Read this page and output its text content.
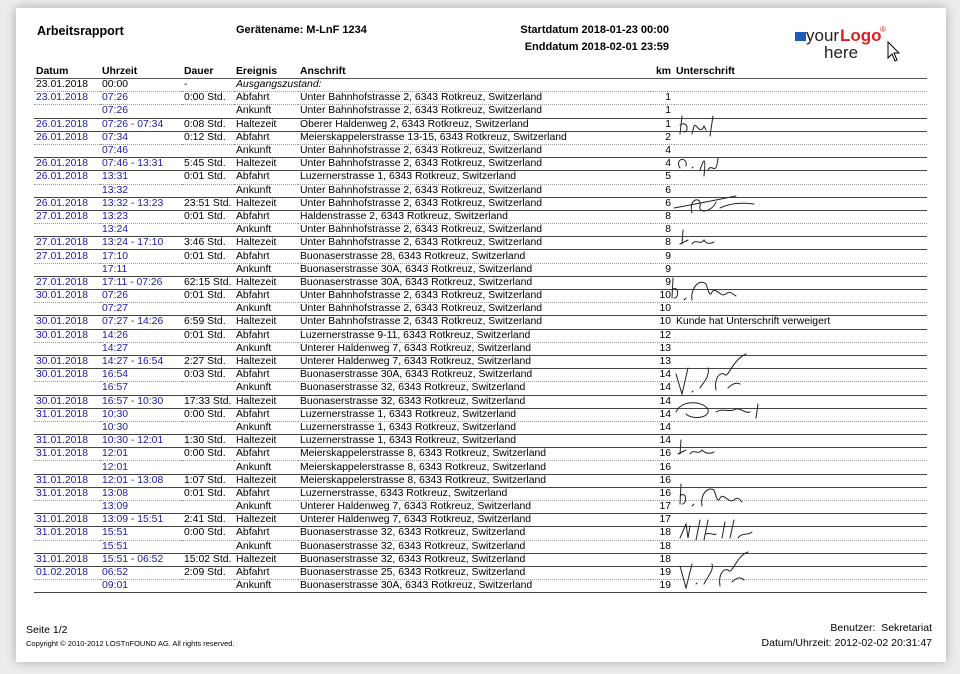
Arbeitsrapport	Gerätename: M-LnF 1234	Startdatum 2018-01-23 00:00
Enddatum 2018-02-01 23:59
your Logo
®
here
Datum	Uhrzeit	Dauer	Ereignis	Anschrift	km	Unterschrift
23.01.2018	00:00	-	Ausgangszustand:			
23.01.2018	07:26	0:00 Std.	Abfahrt	Unter Bahnhofstrasse 2, 6343 Rotkreuz, Switzerland	1	
	07:26		Ankunft	Unter Bahnhofstrasse 2, 6343 Rotkreuz, Switzerland	1	
26.01.2018	07:26 - 07:34	0:08 Std.	Haltezeit	Oberer Haldenweg 2, 6343 Rotkreuz, Switzerland	1	
26.01.2018	07:34	0:12 Std.	Abfahrt	Meierskappelerstrasse 13-15, 6343 Rotkreuz, Switzerland	2	
	07:46		Ankunft	Unter Bahnhofstrasse 2, 6343 Rotkreuz, Switzerland	4	
26.01.2018	07:46 - 13:31	5:45 Std.	Haltezeit	Unter Bahnhofstrasse 2, 6343 Rotkreuz, Switzerland	4	
26.01.2018	13:31	0:01 Std.	Abfahrt	Luzernerstrasse 1, 6343 Rotkreuz, Switzerland	5	
	13:32		Ankunft	Unter Bahnhofstrasse 2, 6343 Rotkreuz, Switzerland	6	
26.01.2018	13:32 - 13:23	23:51 Std.	Haltezeit	Unter Bahnhofstrasse 2, 6343 Rotkreuz, Switzerland	6	
27.01.2018	13:23	0:01 Std.	Abfahrt	Haldenstrasse 2, 6343 Rotkreuz, Switzerland	8	
	13:24		Ankunft	Unter Bahnhofstrasse 2, 6343 Rotkreuz, Switzerland	8	
27.01.2018	13:24 - 17:10	3:46 Std.	Haltezeit	Unter Bahnhofstrasse 2, 6343 Rotkreuz, Switzerland	8	
27.01.2018	17:10	0:01 Std.	Abfahrt	Buonaserstrasse 28, 6343 Rotkreuz, Switzerland	9	
	17:11		Ankunft	Buonaserstrasse 30A, 6343 Rotkreuz, Switzerland	9	
27.01.2018	17:11 - 07:26	62:15 Std.	Haltezeit	Buonaserstrasse 30A, 6343 Rotkreuz, Switzerland	9	
30.01.2018	07:26	0:01 Std.	Abfahrt	Unter Bahnhofstrasse 2, 6343 Rotkreuz, Switzerland	10	
	07:27		Ankunft	Unter Bahnhofstrasse 2, 6343 Rotkreuz, Switzerland	10	
30.01.2018	07:27 - 14:26	6:59 Std.	Haltezeit	Unter Bahnhofstrasse 2, 6343 Rotkreuz, Switzerland	10	Kunde hat Unterschrift verweigert
30.01.2018	14:26	0:01 Std.	Abfahrt	Luzernerstrasse 9-11, 6343 Rotkreuz, Switzerland	12	
	14:27		Ankunft	Unterer Haldenweg 7, 6343 Rotkreuz, Switzerland	13	
30.01.2018	14:27 - 16:54	2:27 Std.	Haltezeit	Unterer Haldenweg 7, 6343 Rotkreuz, Switzerland	13	
30.01.2018	16:54	0:03 Std.	Abfahrt	Buonaserstrasse 30A, 6343 Rotkreuz, Switzerland	14	
	16:57		Ankunft	Buonaserstrasse 32, 6343 Rotkreuz, Switzerland	14	
30.01.2018	16:57 - 10:30	17:33 Std.	Haltezeit	Buonaserstrasse 32, 6343 Rotkreuz, Switzerland	14	
31.01.2018	10:30	0:00 Std.	Abfahrt	Luzernerstrasse 1, 6343 Rotkreuz, Switzerland	14	
	10:30		Ankunft	Luzernerstrasse 1, 6343 Rotkreuz, Switzerland	14	
31.01.2018	10:30 - 12:01	1:30 Std.	Haltezeit	Luzernerstrasse 1, 6343 Rotkreuz, Switzerland	14	
31.01.2018	12:01	0:00 Std.	Abfahrt	Meierskappelerstrasse 8, 6343 Rotkreuz, Switzerland	16	
	12:01		Ankunft	Meierskappelerstrasse 8, 6343 Rotkreuz, Switzerland	16	
31.01.2018	12:01 - 13:08	1:07 Std.	Haltezeit	Meierskappelerstrasse 8, 6343 Rotkreuz, Switzerland	16	
31.01.2018	13:08	0:01 Std.	Abfahrt	Luzernerstrasse, 6343 Rotkreuz, Switzerland	16	
	13:09		Ankunft	Unterer Haldenweg 7, 6343 Rotkreuz, Switzerland	17	
31.01.2018	13:09 - 15:51	2:41 Std.	Haltezeit	Unterer Haldenweg 7, 6343 Rotkreuz, Switzerland	17	
31.01.2018	15:51	0:00 Std.	Abfahrt	Buonaserstrasse 32, 6343 Rotkreuz, Switzerland	18	
	15:51		Ankunft	Buonaserstrasse 32, 6343 Rotkreuz, Switzerland	18	
31.01.2018	15:51 - 06:52	15:02 Std.	Haltezeit	Buonaserstrasse 32, 6343 Rotkreuz, Switzerland	18	
01.02.2018	06:52	2:09 Std.	Abfahrt	Buonaserstrasse 25, 6343 Rotkreuz, Switzerland	19	
	09:01		Ankunft	Buonaserstrasse 30A, 6343 Rotkreuz, Switzerland	19	
Seite 1/2
Copyright © 2010-2012 LOSTnFOUND AG. All rights reserved.
Benutzer: Sekretariat
Datum/Uhrzeit: 2012-02-02 20:31:47
